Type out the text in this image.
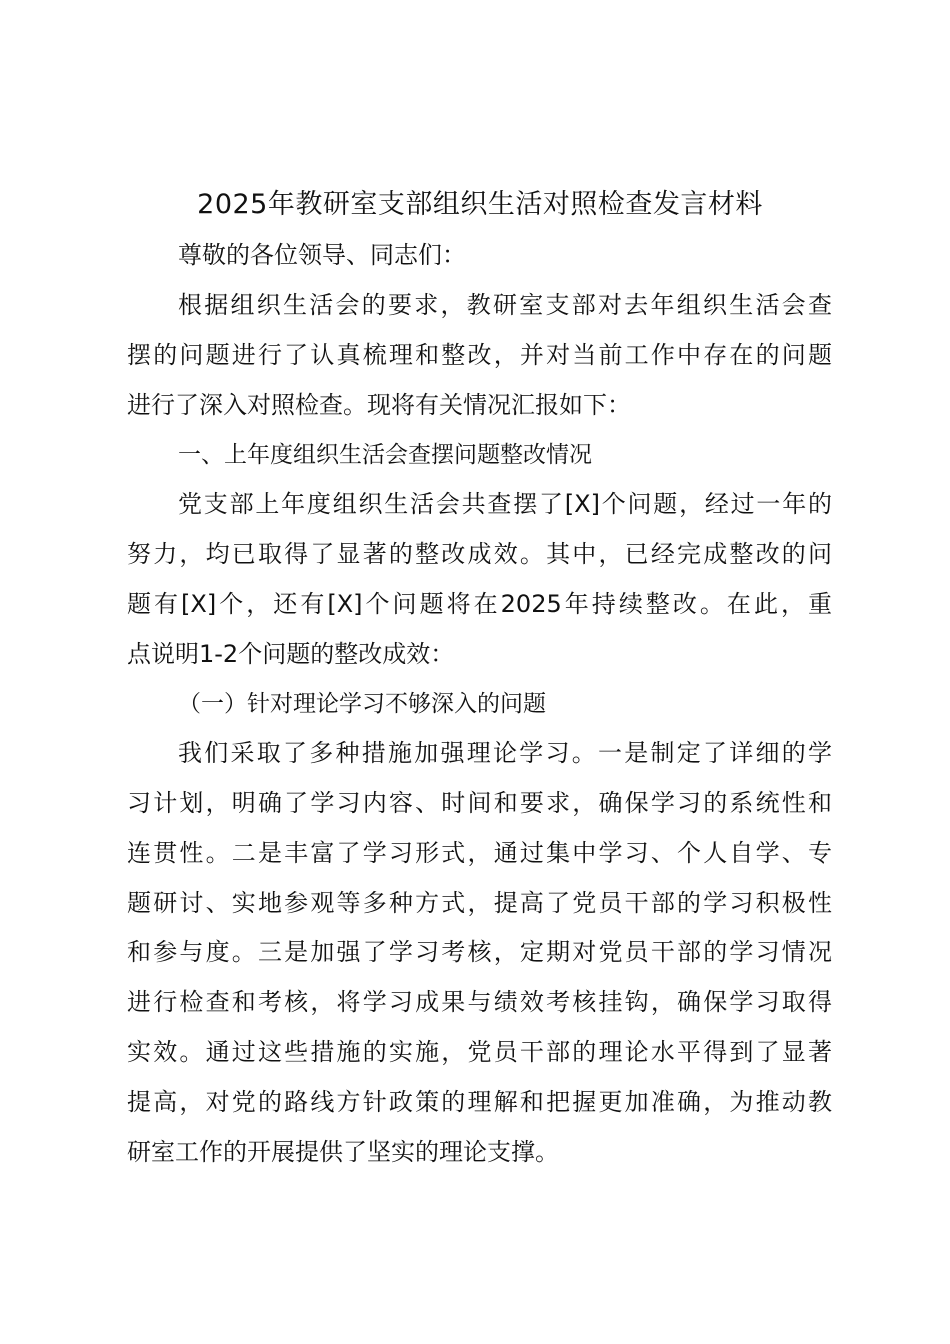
2025年教研室支部组织生活对照检查发言材料
尊敬的各位领导、同志们：
根据组织生活会的要求，教研室支部对去年组织生活会查
摆的问题进行了认真梳理和整改，并对当前工作中存在的问题
进行了深入对照检查。现将有关情况汇报如下：
一、上年度组织生活会查摆问题整改情况
党支部上年度组织生活会共查摆了[X]个问题，经过一年的
努力，均已取得了显著的整改成效。其中，已经完成整改的问
题有[X]个，还有[X]个问题将在2025年持续整改。在此，重
点说明1-2个问题的整改成效：
（一）针对理论学习不够深入的问题
我们采取了多种措施加强理论学习。一是制定了详细的学
习计划，明确了学习内容、时间和要求，确保学习的系统性和
连贯性。二是丰富了学习形式，通过集中学习、个人自学、专
题研讨、实地参观等多种方式，提高了党员干部的学习积极性
和参与度。三是加强了学习考核，定期对党员干部的学习情况
进行检查和考核，将学习成果与绩效考核挂钩，确保学习取得
实效。通过这些措施的实施，党员干部的理论水平得到了显著
提高，对党的路线方针政策的理解和把握更加准确，为推动教
研室工作的开展提供了坚实的理论支撑。
